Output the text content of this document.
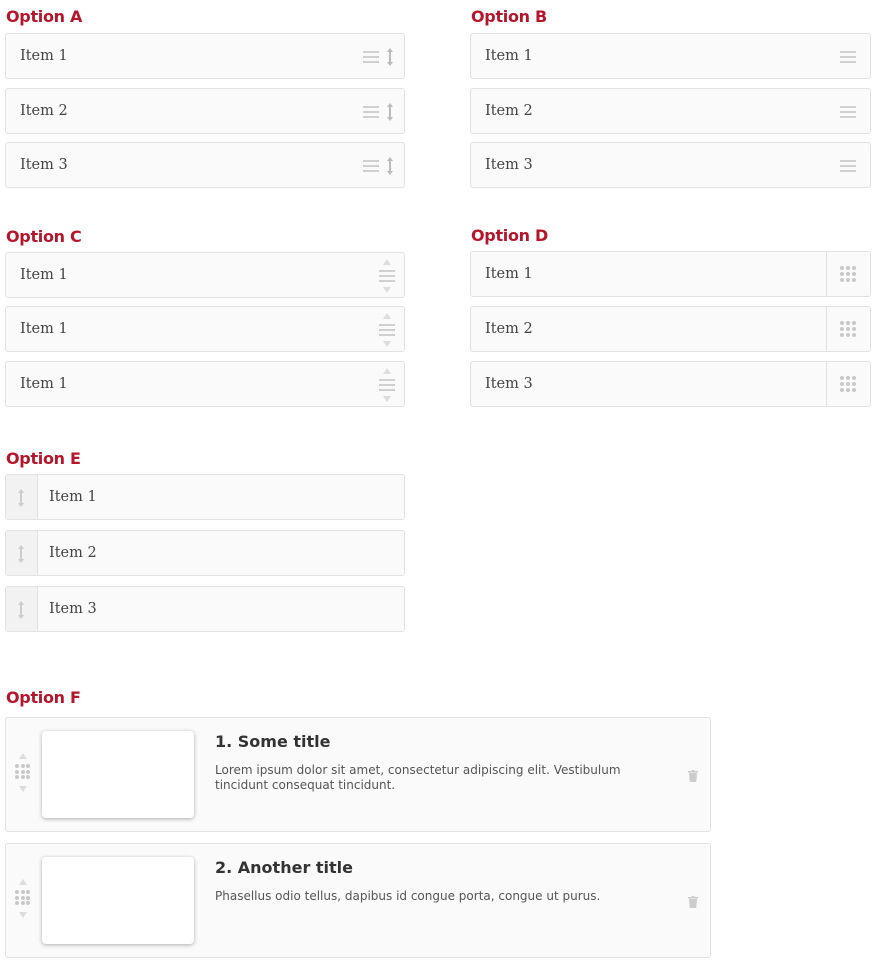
Option A
Item 1
Item 2
Item 3
Option B
Item 1
Item 2
Item 3
Option C
Item 1
Item 1
Item 1
Option D
Item 1
Item 2
Item 3
Option E
Item 1
Item 2
Item 3
Option F
1. Some title
Lorem ipsum dolor sit amet, consectetur adipiscing elit. Vestibulum tincidunt consequat tincidunt.
2. Another title
Phasellus odio tellus, dapibus id congue porta, congue ut purus.
